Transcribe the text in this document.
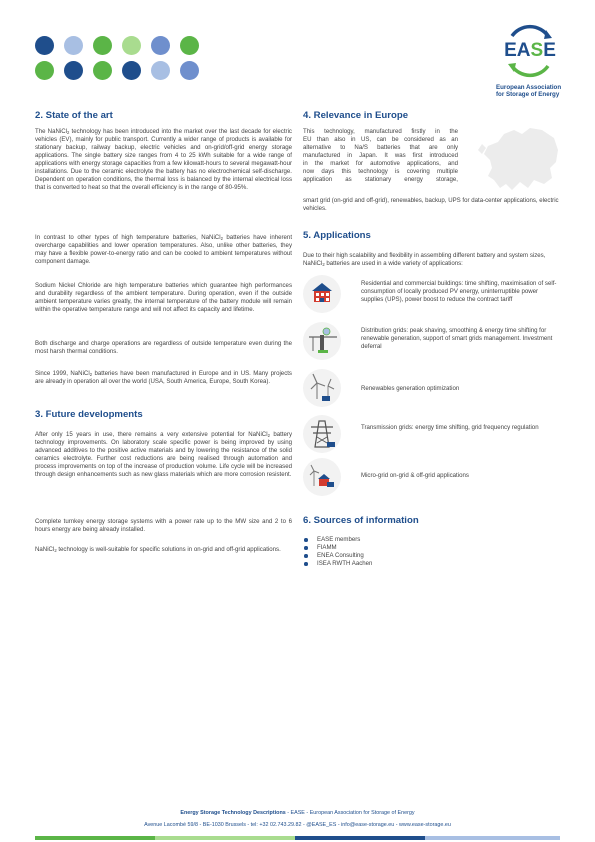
EASE
European Association
for Storage of Energy
2. State of the art

The NaNiCl$_2$ technology has been introduced into the market over the last decade for electric vehicles (EV), mainly for public transport. Currently a wider range of products is available for stationary backup, railway backup, electric vehicles and on-grid/off-grid energy storage applications. The single battery size ranges from 4 to 25 kWh suitable for a wide range of applications with energy storage capacities from a few kilowatt-hours to several megawatt-hour installations. Due to the ceramic electrolyte the battery has no electrochemical self-discharge. Dependent on operation conditions, the thermal loss is balanced by the internal electrical loss that is converted to heat so that the overall efficiency is in the range of 80-95%.

In contrast to other types of high temperature batteries, NaNiCl$_2$ batteries have inherent overcharge capabilities and lower operation temperatures. Also, unlike other batteries, they may have a flexible power-to-energy ratio and can be cooled to ambient temperatures without component damage.

Sodium Nickel Chloride are high temperature batteries which guarantee high performances and durability regardless of the ambient temperature. During operation, even if the outside ambient temperature varies greatly, the internal temperature of the battery module will remain within the operative temperature range and will not affect its capacity and lifetime.

Both discharge and charge operations are regardless of outside temperature even during the most harsh thermal conditions.

Since 1999, NaNiCl$_2$ batteries have been manufactured in Europe and in US. Many projects are already in operation all over the world (USA, South America, Europe, South Korea).

3. Future developments

After only 15 years in use, there remains a very extensive potential for NaNiCl$_2$ battery technology improvements. On laboratory scale specific power is being improved by using advanced additives to the positive active materials and by lowering the resistance of the solid ceramics electrolyte. Further cost reductions are being realised through automation and process improvements on top of the increase of production volume. Life cycle will be increased through design enhancements such as new glass materials which are more corrosion resistent.

Complete turnkey energy storage systems with a power rate up to the MW size and 2 to 6 hours energy are being already installed.

NaNiCl$_2$ technology is well-suitable for specific solutions in on-grid and off-grid applications.

4. Relevance in Europe
This technology, manufactured firstly in the
EU than also in US, can be considered as an
alternative to Na/S batteries that are only
manufactured in Japan. It was first introduced
in the market for automotive applications, and
now days this technology is covering multiple
application as stationary energy storage,

smart grid (on-grid and off-grid), renewables, backup, UPS for data-center applications, electric vehicles.

5. Applications

Due to their high scalability and flexibility in assembling different battery and system sizes, NaNiCl$_2$ batteries are used in a wide variety of applications:

Residential and commercial buildings: time shifting, maximisation of self-consumption of locally produced PV energy, uninterruptible power supplies (UPS), power boost to reduce the contract tariff
Distribution grids: peak shaving, smoothing & energy time shifting for renewable generation, support of smart grids management. Investment deferral
Renewables generation optimization
Transmission grids: energy time shifting, grid frequency regulation
Micro-grid on-grid & off-grid applications
6. Sources of information
EASE members
FIAMM
ENEA Consulting
ISEA RWTH Aachen
Energy Storage Technology Descriptions - EASE - European Association for Storage of Energy
Avenue Lacombé 59/8 - BE-1030 Brussels - tel: +32 02.743.29.82 - @EASE_ES - info@ease-storage.eu - www.ease-storage.eu
